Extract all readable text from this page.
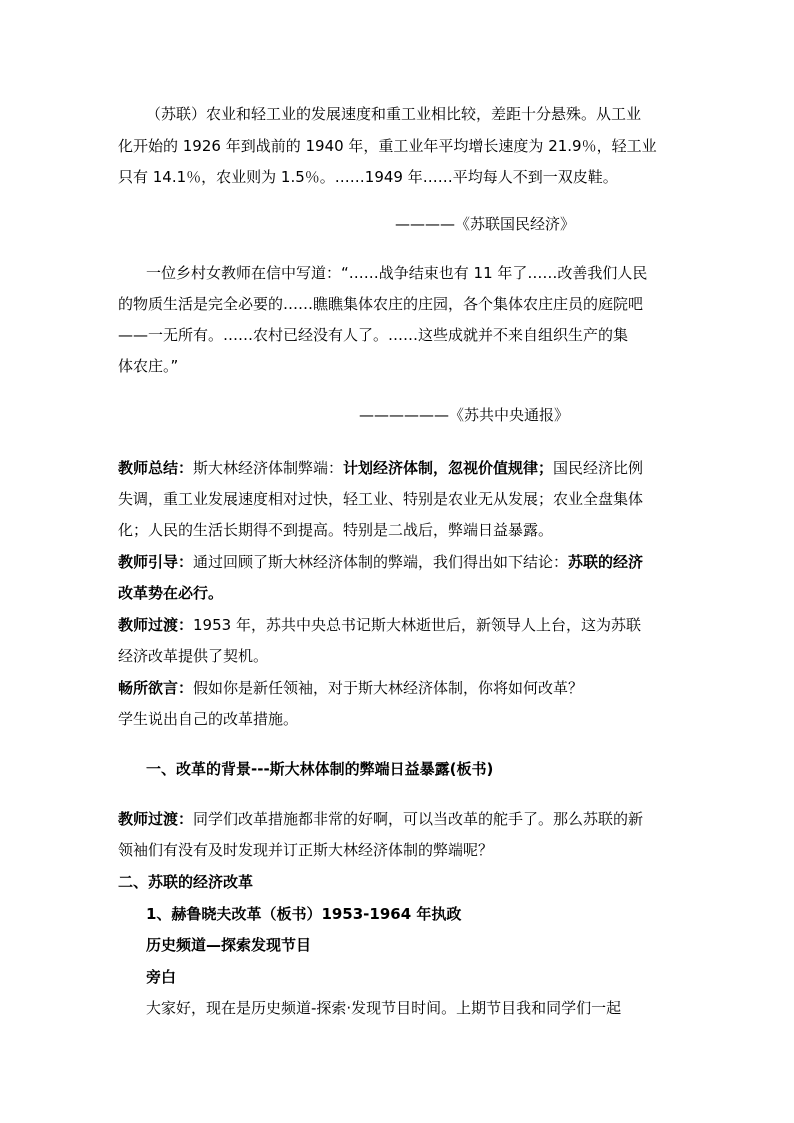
（苏联）农业和轻工业的发展速度和重工业相比较，差距十分悬殊。从工业
化开始的 1926 年到战前的 1940 年，重工业年平均增长速度为 21.9％，轻工业
只有 14.1％，农业则为 1.5％。……1949 年……平均每人不到一双皮鞋。
————《苏联国民经济》
一位乡村女教师在信中写道：“……战争结束也有 11 年了……改善我们人民
的物质生活是完全必要的……瞧瞧集体农庄的庄园，各个集体农庄庄员的庭院吧
——一无所有。……农村已经没有人了。……这些成就并不来自组织生产的集
体农庄。”
——————《苏共中央通报》
教师总结：斯大林经济体制弊端：计划经济体制，忽视价值规律；国民经济比例
失调，重工业发展速度相对过快，轻工业、特别是农业无从发展；农业全盘集体
化；人民的生活长期得不到提高。特别是二战后，弊端日益暴露。
教师引导：通过回顾了斯大林经济体制的弊端，我们得出如下结论：苏联的经济
改革势在必行。
教师过渡：1953 年，苏共中央总书记斯大林逝世后，新领导人上台，这为苏联
经济改革提供了契机。
畅所欲言：假如你是新任领袖，对于斯大林经济体制，你将如何改革？
学生说出自己的改革措施。
一、改革的背景---斯大林体制的弊端日益暴露(板书)
教师过渡：同学们改革措施都非常的好啊，可以当改革的舵手了。那么苏联的新
领袖们有没有及时发现并订正斯大林经济体制的弊端呢？
二、苏联的经济改革
1、赫鲁晓夫改革（板书）1953-1964 年执政
历史频道—探索发现节目
旁白
大家好，现在是历史频道-探索·发现节目时间。上期节目我和同学们一起
